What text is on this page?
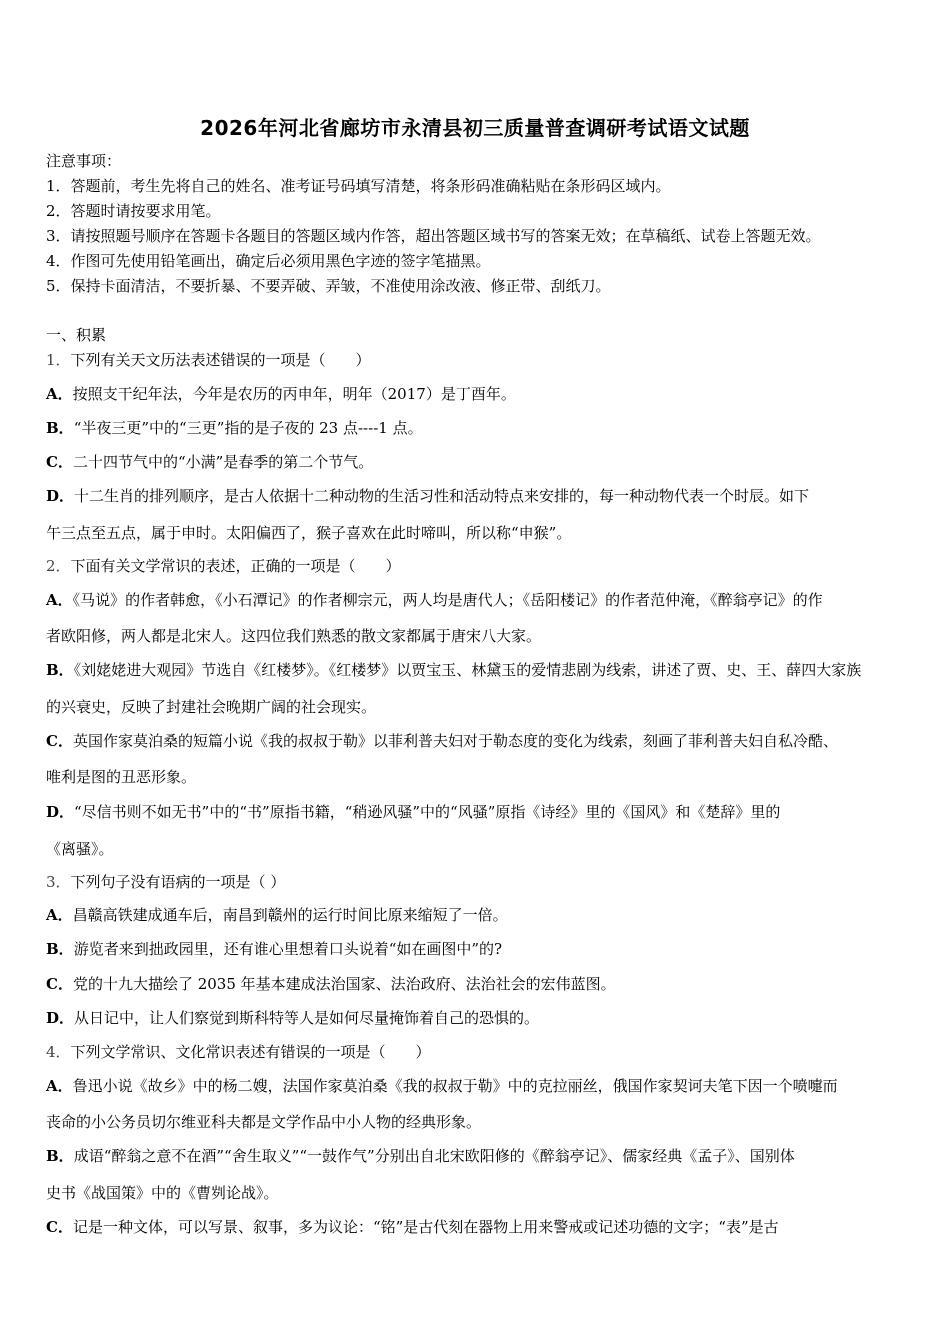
2026年河北省廊坊市永清县初三质量普查调研考试语文试题
注意事项：
1．答题前，考生先将自己的姓名、准考证号码填写清楚，将条形码准确粘贴在条形码区域内。
2．答题时请按要求用笔。
3．请按照题号顺序在答题卡各题目的答题区域内作答，超出答题区域书写的答案无效；在草稿纸、试卷上答题无效。
4．作图可先使用铅笔画出，确定后必须用黑色字迹的签字笔描黑。
5．保持卡面清洁，不要折暴、不要弄破、弄皱，不准使用涂改液、修正带、刮纸刀。
一、积累
1．下列有关天文历法表述错误的一项是（　　）
A．按照支干纪年法，今年是农历的丙申年，明年（2017）是丁酉年。
B．“半夜三更”中的“三更”指的是子夜的 23 点----1 点。
C．二十四节气中的“小满”是春季的第二个节气。
D．十二生肖的排列顺序，是古人依据十二种动物的生活习性和活动特点来安排的，每一种动物代表一个时辰。如下
午三点至五点，属于申时。太阳偏西了，猴子喜欢在此时啼叫，所以称“申猴”。
2．下面有关文学常识的表述，正确的一项是（　　）
A．《马说》的作者韩愈，《小石潭记》的作者柳宗元，两人均是唐代人；《岳阳楼记》的作者范仲淹，《醉翁亭记》的作
者欧阳修，两人都是北宋人。这四位我们熟悉的散文家都属于唐宋八大家。
B．《刘姥姥进大观园》节选自《红楼梦》。《红楼梦》以贾宝玉、林黛玉的爱情悲剧为线索，讲述了贾、史、王、薛四大家族
的兴衰史，反映了封建社会晚期广阔的社会现实。
C．英国作家莫泊桑的短篇小说《我的叔叔于勒》以菲利普夫妇对于勒态度的变化为线索，刻画了菲利普夫妇自私冷酷、
唯利是图的丑恶形象。
D．“尽信书则不如无书”中的“书”原指书籍，“稍逊风骚”中的“风骚”原指《诗经》里的《国风》和《楚辞》里的
《离骚》。
3．下列句子没有语病的一项是（ ）
A．昌赣高铁建成通车后，南昌到赣州的运行时间比原来缩短了一倍。
B．游览者来到拙政园里，还有谁心里想着口头说着“如在画图中”的?
C．党的十九大描绘了 2035 年基本建成法治国家、法治政府、法治社会的宏伟蓝图。
D．从日记中，让人们察觉到斯科特等人是如何尽量掩饰着自己的恐惧的。
4．下列文学常识、文化常识表述有错误的一项是（　　）
A．鲁迅小说《故乡》中的杨二嫂，法国作家莫泊桑《我的叔叔于勒》中的克拉丽丝，俄国作家契诃夫笔下因一个喷嚏而
丧命的小公务员切尔维亚科夫都是文学作品中小人物的经典形象。
B．成语“醉翁之意不在酒”“舍生取义”“一鼓作气”分别出自北宋欧阳修的《醉翁亭记》、儒家经典《孟子》、国别体
史书《战国策》中的《曹刿论战》。
C．记是一种文体，可以写景、叙事，多为议论：“铭”是古代刻在器物上用来警戒或记述功德的文字；“表”是古
